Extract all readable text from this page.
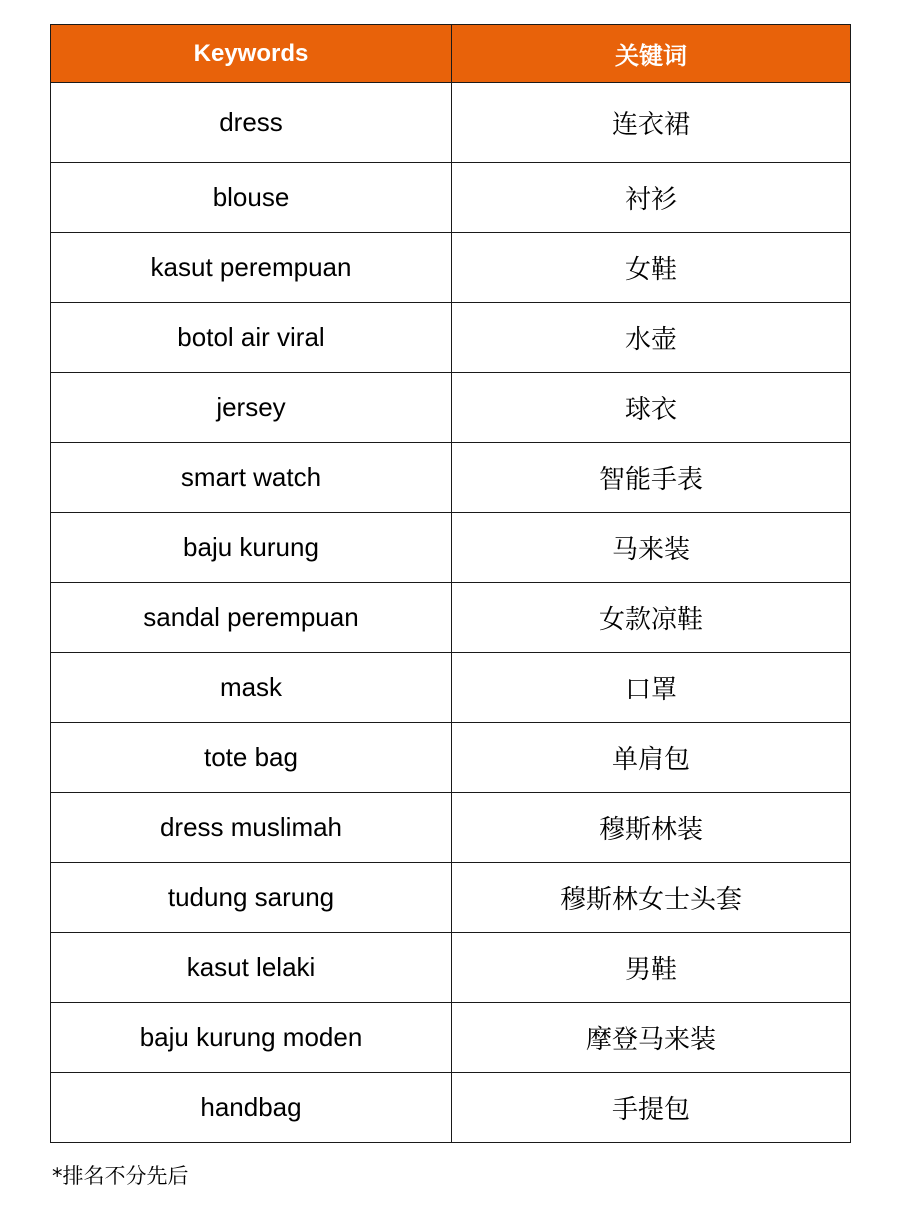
Keywords	关键词
dress	连衣裙
blouse	衬衫
kasut perempuan	女鞋
botol air viral	水壶
jersey	球衣
smart watch	智能手表
baju kurung	马来装
sandal perempuan	女款凉鞋
mask	口罩
tote bag	单肩包
dress muslimah	穆斯林装
tudung sarung	穆斯林女士头套
kasut lelaki	男鞋
baju kurung moden	摩登马来装
handbag	手提包
*排名不分先后
